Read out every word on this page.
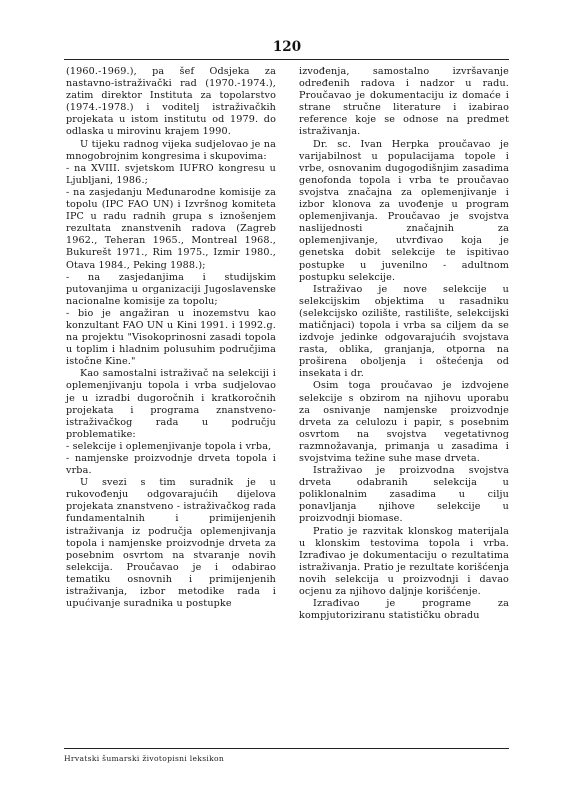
120

(1960.-1969.), pa šef Odsjeka za nastavno-istraživački rad (1970.-1974.), zatim direktor Instituta za topolarstvo (1974.-1978.) i voditelj istraživačkih projekata u istom institutu od 1979. do odlaska u mirovinu krajem 1990.

U tijeku radnog vijeka sudjelovao je na mnogobrojnim kongresima i skupovima:

- na XVIII. svjetskom IUFRO kongresu u Ljubljani, 1986.;

- na zasjedanju Međunarodne komisije za topolu (IPC FAO UN) i Izvršnog komiteta IPC u radu radnih grupa s iznošenjem rezultata znanstvenih radova (Zagreb 1962., Teheran 1965., Montreal 1968., Bukurešt 1971., Rim 1975., Izmir 1980., Otava 1984., Peking 1988.);

- na zasjedanjima i studijskim putovanjima u organizaciji Jugoslavenske nacionalne komisije za topolu;

- bio je angažiran u inozemstvu kao konzultant FAO UN u Kini 1991. i 1992.g. na projektu "Visokoprinosni zasadi topola u toplim i hladnim polusuhim područjima istočne Kine."

Kao samostalni istraživač na selekciji i oplemenjivanju topola i vrba sudjelovao je u izradbi dugoročnih i kratkoročnih projekata i programa znanstveno-istraživačkog rada u području problematike:

- selekcije i oplemenjivanje topola i vrba,

- namjenske proizvodnje drveta topola i vrba.

U svezi s tim suradnik je u rukovođenju odgovarajućih dijelova projekata znanstveno - istraživačkog rada fundamentalnih i primijenjenih istraživanja iz područja oplemenjivanja topola i namjenske proizvodnje drveta za posebnim osvrtom na stvaranje novih selekcija. Proučavao je i odabirao tematiku osnovnih i primijenjenih istraživanja, izbor metodike rada i upućivanje suradnika u postupke

izvođenja, samostalno izvršavanje određenih radova i nadzor u radu. Proučavao je dokumentaciju iz domaće i strane stručne literature i izabirao reference koje se odnose na predmet istraživanja.

Dr. sc. Ivan Herpka proučavao je varijabilnost u populacijama topole i vrbe, osnovanim dugogodišnjim zasadima genofonda topola i vrba te proučavao svojstva značajna za oplemenjivanje i izbor klonova za uvođenje u program oplemenjivanja. Proučavao je svojstva naslijednosti značajnih za oplemenjivanje, utvrđivao koja je genetska dobit selekcije te ispitivao postupke u juvenilno - adultnom postupku selekcije.

Istraživao je nove selekcije u selekcijskim objektima u rasadniku (selekcijsko ozilište, rastilište, selekcijski matičnjaci) topola i vrba sa ciljem da se izdvoje jedinke odgovarajućih svojstava rasta, oblika, granjanja, otporna na proširena oboljenja i oštećenja od insekata i dr.

Osim toga proučavao je izdvojene selekcije s obzirom na njihovu uporabu za osnivanje namjenske proizvodnje drveta za celulozu i papir, s posebnim osvrtom na svojstva vegetativnog razmnožavanja, primanja u zasadima i svojstvima težine suhe mase drveta.

Istraživao je proizvodna svojstva drveta odabranih selekcija u poliklonalnim zasadima u cilju ponavljanja njihove selekcije u proizvodnji biomase.

Pratio je razvitak klonskog materijala u klonskim testovima topola i vrba. Izrađivao je dokumentaciju o rezultatima istraživanja. Pratio je rezultate korišćenja novih selekcija u proizvodnji i davao ocjenu za njihovo daljnje korišćenje.

Izrađivao je programe za kompjutoriziranu statističku obradu

Hrvatski šumarski životopisni leksikon
